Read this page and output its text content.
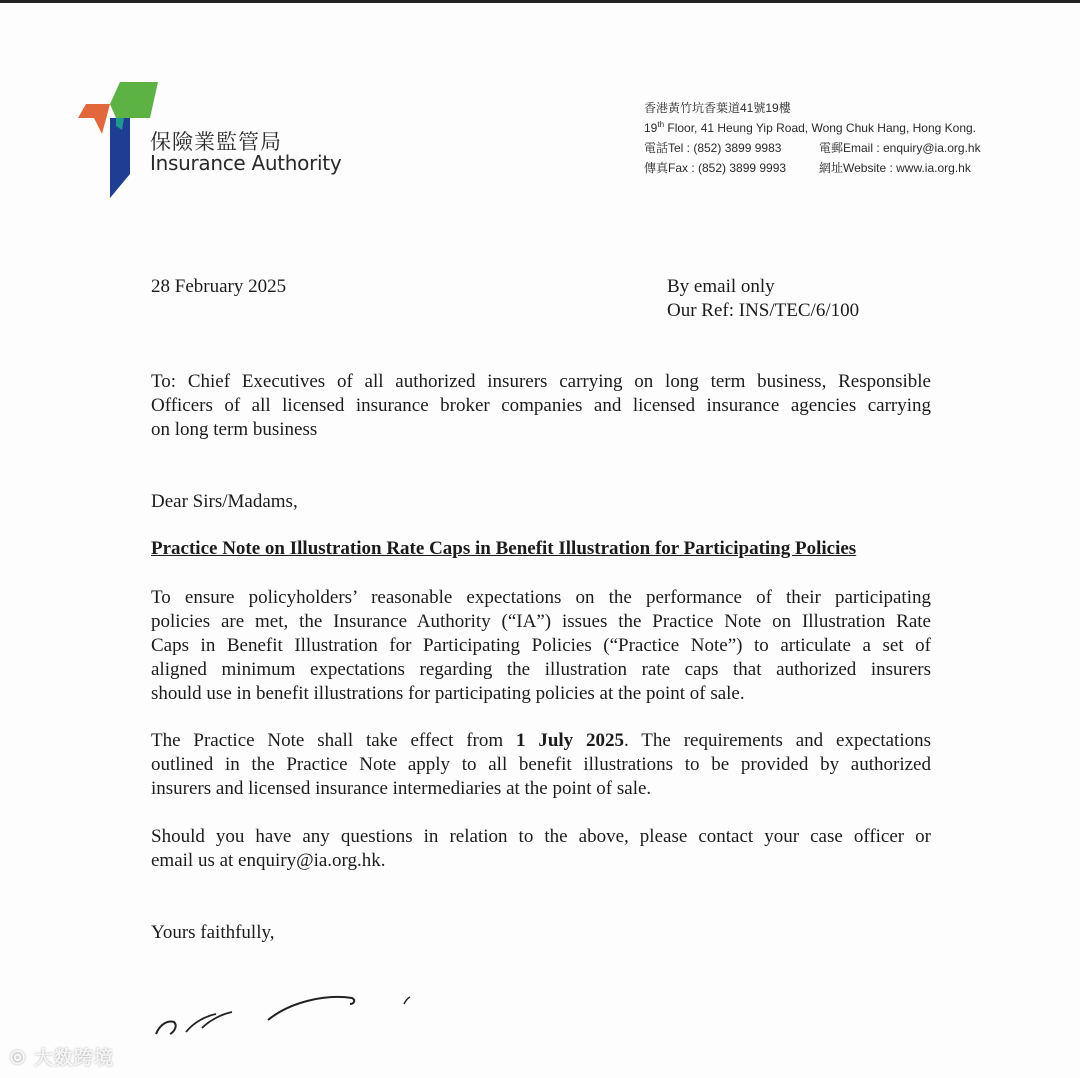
保險業監管局
Insurance Authority
香港黃竹坑香葉道41號19樓
19th Floor, 41 Heung Yip Road, Wong Chuk Hang, Hong Kong.
電話Tel : (852) 3899 9983	電郵Email : enquiry@ia.org.hk
傳真Fax : (852) 3899 9993	網址Website : www.ia.org.hk
28 February 2025	By email only
Our Ref: INS/TEC/6/100
To: Chief Executives of all authorized insurers carrying on long term business, Responsible
Officers of all licensed insurance broker companies and licensed insurance agencies carrying
on long term business
Dear Sirs/Madams,
Practice Note on Illustration Rate Caps in Benefit Illustration for Participating Policies
To ensure policyholders’ reasonable expectations on the performance of their participating
policies are met, the Insurance Authority (“IA”) issues the Practice Note on Illustration Rate
Caps in Benefit Illustration for Participating Policies (“Practice Note”) to articulate a set of
aligned minimum expectations regarding the illustration rate caps that authorized insurers
should use in benefit illustrations for participating policies at the point of sale.
The Practice Note shall take effect from 1 July 2025. The requirements and expectations
outlined in the Practice Note apply to all benefit illustrations to be provided by authorized
insurers and licensed insurance intermediaries at the point of sale.
Should you have any questions in relation to the above, please contact your case officer or
email us at enquiry@ia.org.hk.
Yours faithfully,
⦾ 大数跨境
